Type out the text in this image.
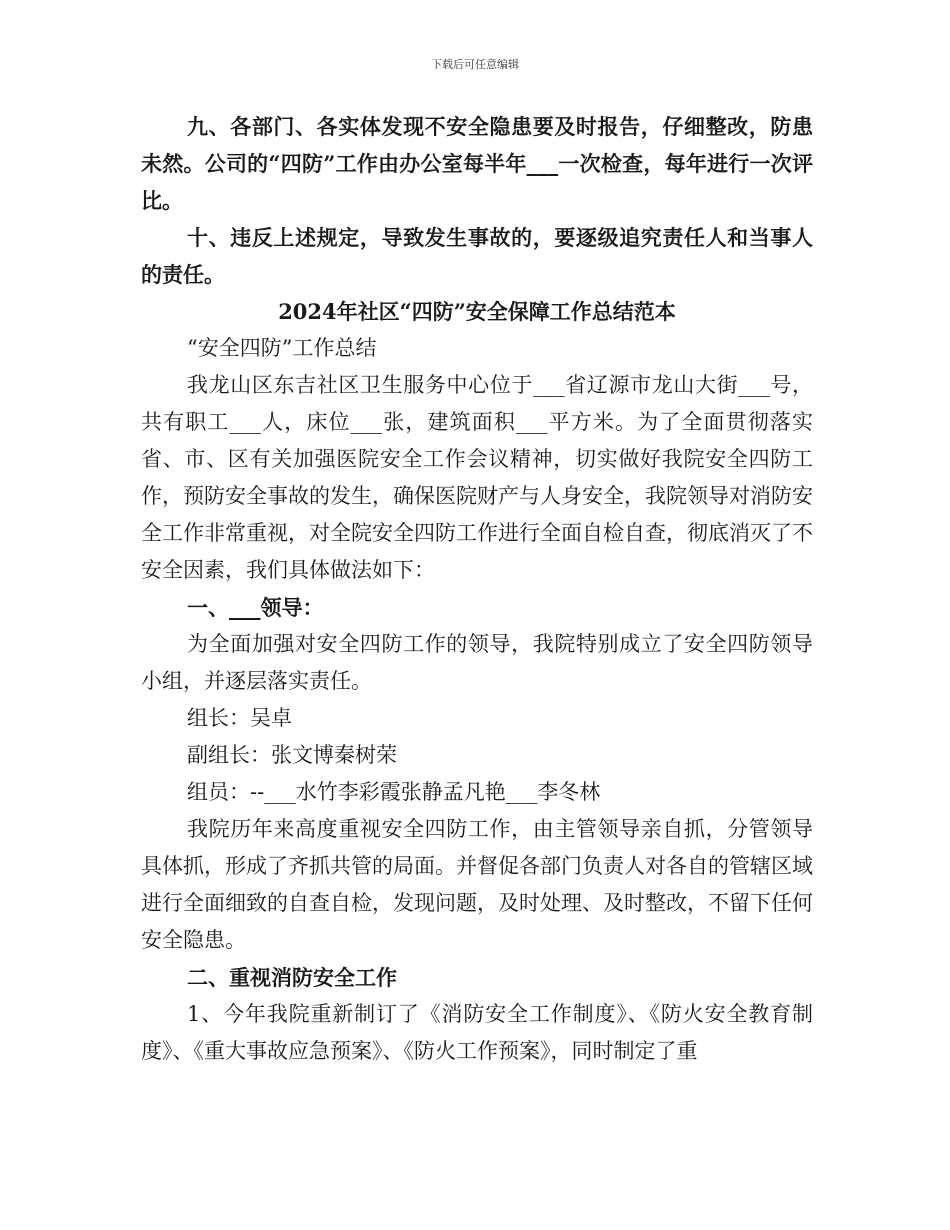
下载后可任意编辑

九、各部门、各实体发现不安全隐患要及时报告，仔细整改，防患未然。公司的“四防”工作由办公室每半年___一次检查，每年进行一次评比。

十、违反上述规定，导致发生事故的，要逐级追究责任人和当事人的责任。

2024年社区“四防”安全保障工作总结范本

“安全四防”工作总结

我龙山区东吉社区卫生服务中心位于___省辽源市龙山大街___号，共有职工___人，床位___张，建筑面积___平方米。为了全面贯彻落实省、市、区有关加强医院安全工作会议精神，切实做好我院安全四防工作，预防安全事故的发生，确保医院财产与人身安全，我院领导对消防安全工作非常重视，对全院安全四防工作进行全面自检自查，彻底消灭了不安全因素，我们具体做法如下：

一、___领导：

为全面加强对安全四防工作的领导，我院特别成立了安全四防领导小组，并逐层落实责任。

组长：吴卓

副组长：张文博秦树荣

组员：--___水竹李彩霞张静孟凡艳___李冬林

我院历年来高度重视安全四防工作，由主管领导亲自抓，分管领导具体抓，形成了齐抓共管的局面。并督促各部门负责人对各自的管辖区域进行全面细致的自查自检，发现问题，及时处理、及时整改，不留下任何安全隐患。

二、重视消防安全工作

1、今年我院重新制订了《消防安全工作制度》、《防火安全教育制度》、《重大事故应急预案》、《防火工作预案》，同时制定了重
